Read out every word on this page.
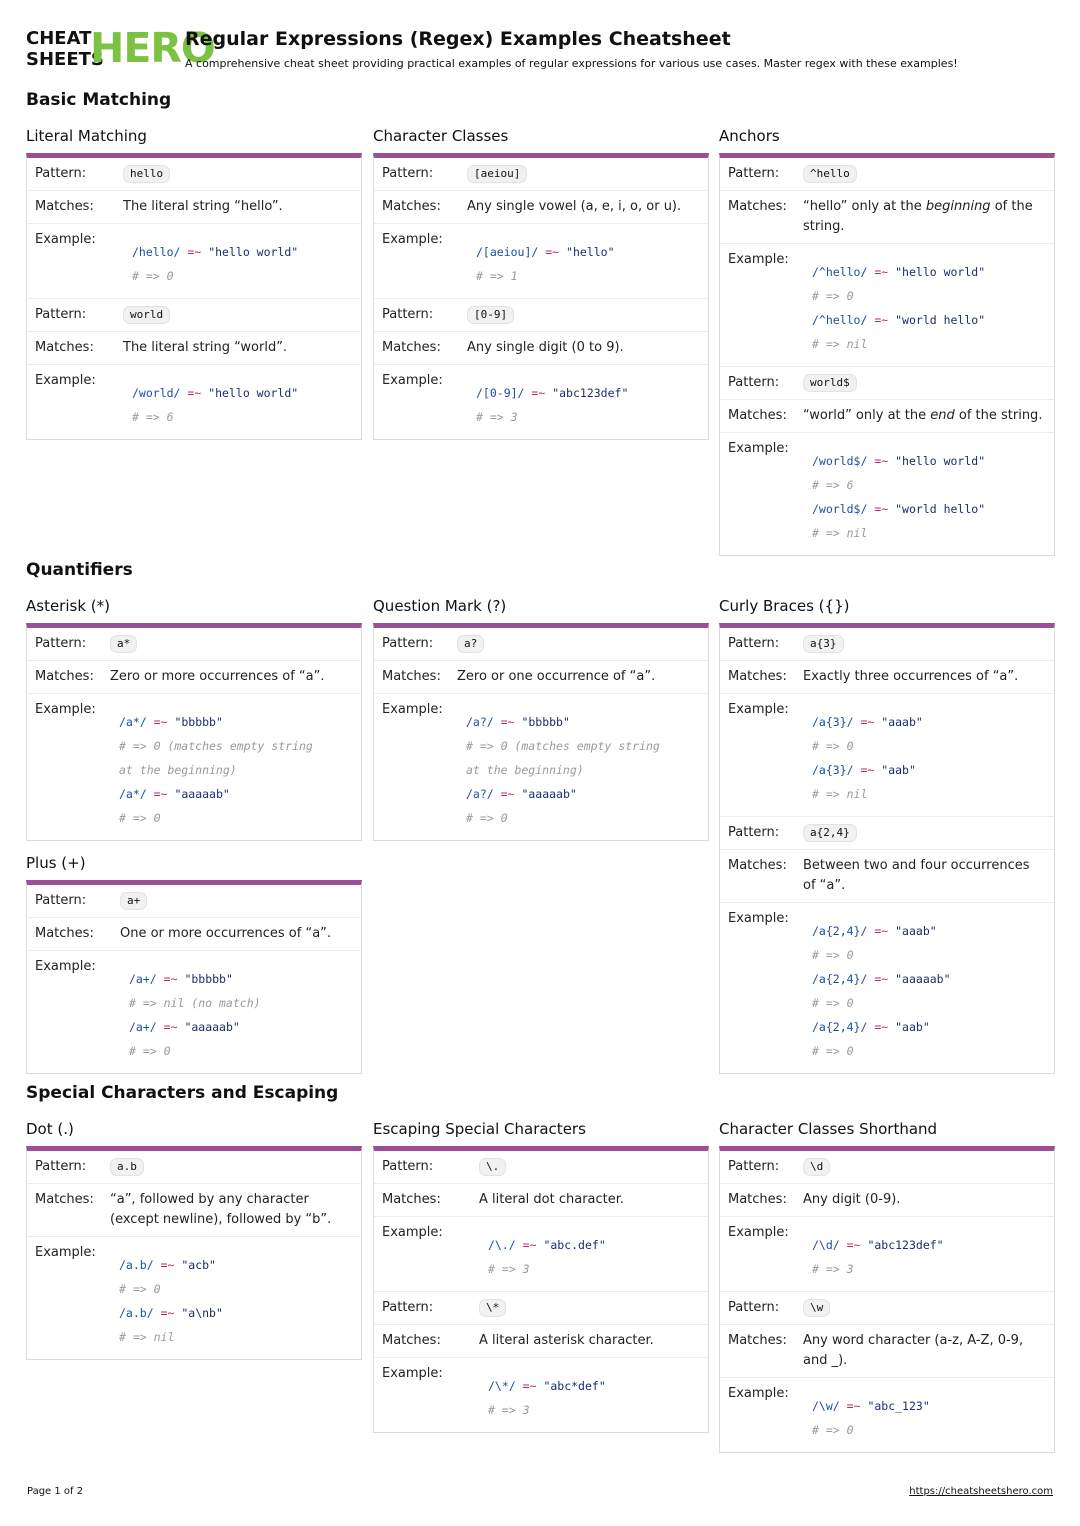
CHEAT
SHEETS
HERO
Regular Expressions (Regex) Examples Cheatsheet
A comprehensive cheat sheet providing practical examples of regular expressions for various use cases. Master regex with these examples!
Basic Matching
Quantifiers
Special Characters and Escaping
Literal Matching
Pattern:	hello
Matches:	The literal string “hello”.
Example:
/hello/ =~ "hello world"
# => 0
Pattern:	world
Matches:	The literal string “world”.
Example:
/world/ =~ "hello world"
# => 6
Character Classes
Pattern:	[aeiou]
Matches:	Any single vowel (a, e, i, o, or u).
Example:
/[aeiou]/ =~ "hello"
# => 1
Pattern:	[0-9]
Matches:	Any single digit (0 to 9).
Example:
/[0-9]/ =~ "abc123def"
# => 3
Anchors
Pattern:	^hello
Matches:	“hello” only at the beginning of the string.
Example:
/^hello/ =~ "hello world"
# => 0
/^hello/ =~ "world hello"
# => nil
Pattern:	world$
Matches:	“world” only at the end of the string.
Example:
/world$/ =~ "hello world"
# => 6
/world$/ =~ "world hello"
# => nil
Asterisk (*)
Pattern:	a*
Matches:	Zero or more occurrences of “a”.
Example:
/a*/ =~ "bbbbb"
# => 0 (matches empty string
at the beginning)
/a*/ =~ "aaaaab"
# => 0
Question Mark (?)
Pattern:	a?
Matches:	Zero or one occurrence of “a”.
Example:
/a?/ =~ "bbbbb"
# => 0 (matches empty string
at the beginning)
/a?/ =~ "aaaaab"
# => 0
Curly Braces ({})
Pattern:	a{3}
Matches:	Exactly three occurrences of “a”.
Example:
/a{3}/ =~ "aaab"
# => 0
/a{3}/ =~ "aab"
# => nil
Pattern:	a{2,4}
Matches:	Between two and four occurrences of “a”.
Example:
/a{2,4}/ =~ "aaab"
# => 0
/a{2,4}/ =~ "aaaaab"
# => 0
/a{2,4}/ =~ "aab"
# => 0
Plus (+)
Pattern:	a+
Matches:	One or more occurrences of “a”.
Example:
/a+/ =~ "bbbbb"
# => nil (no match)
/a+/ =~ "aaaaab"
# => 0
Dot (.)
Pattern:	a.b
Matches:	“a”, followed by any character (except newline), followed by “b”.
Example:
/a.b/ =~ "acb"
# => 0
/a.b/ =~ "a\nb"
# => nil
Escaping Special Characters
Pattern:	\.
Matches:	A literal dot character.
Example:
/\./ =~ "abc.def"
# => 3
Pattern:	\*
Matches:	A literal asterisk character.
Example:
/\*/ =~ "abc*def"
# => 3
Character Classes Shorthand
Pattern:	\d
Matches:	Any digit (0-9).
Example:
/\d/ =~ "abc123def"
# => 3
Pattern:	\w
Matches:	Any word character (a-z, A-Z, 0-9, and _).
Example:
/\w/ =~ "abc_123"
# => 0
Page 1 of 2	https://cheatsheetshero.com
